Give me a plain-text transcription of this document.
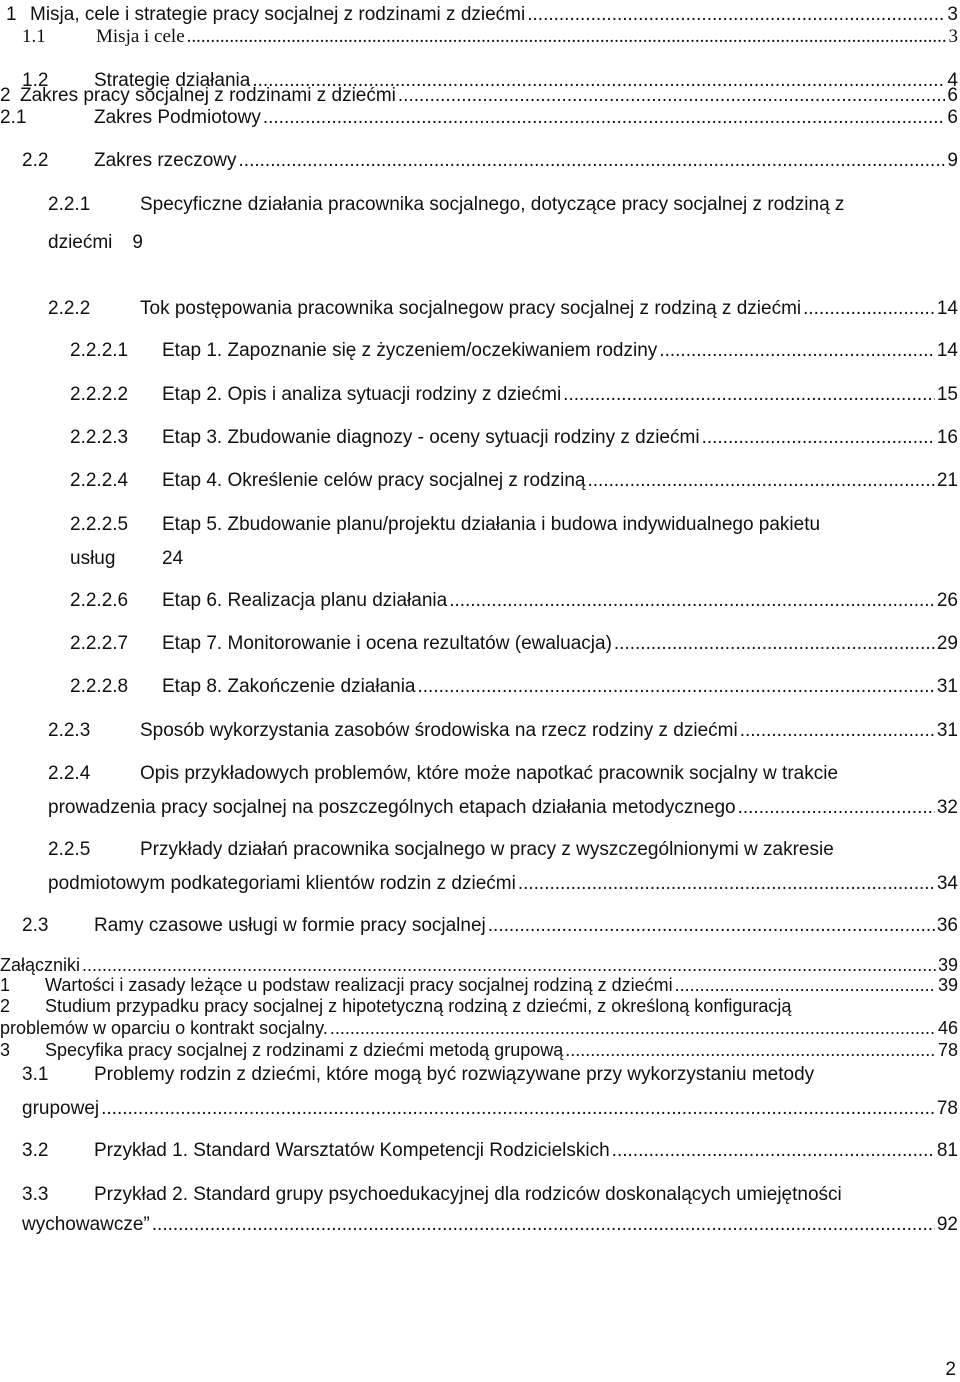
1 Misja, cele i strategie pracy socjalnej z rodzinami z dziećmi .....	3
1.1	Misja i cele .....	3
1.2	Strategie działania .....	4
2 Zakres pracy socjalnej z rodzinami z dziećmi .....	6
2.1	Zakres Podmiotowy .....	6
2.2	Zakres rzeczowy .....	9
2.2.1	Specyficzne działania pracownika socjalnego, dotyczące pracy socjalnej z rodziną z
dziećmi 9
2.2.2	Tok postępowania pracownika socjalnegow pracy socjalnej z rodziną z dziećmi .....	14
2.2.2.1	Etap 1. Zapoznanie się z życzeniem/oczekiwaniem rodziny .....	14
2.2.2.2	Etap 2. Opis i analiza sytuacji rodziny z dziećmi .....	15
2.2.2.3	Etap 3. Zbudowanie diagnozy - oceny sytuacji rodziny z dziećmi .....	16
2.2.2.4	Etap 4. Określenie celów pracy socjalnej z rodziną .....	21
2.2.2.5	Etap 5. Zbudowanie planu/projektu działania i budowa indywidualnego pakietu
usług	24
2.2.2.6	Etap 6. Realizacja planu działania .....	26
2.2.2.7	Etap 7. Monitorowanie i ocena rezultatów (ewaluacja) .....	29
2.2.2.8	Etap 8. Zakończenie działania .....	31
2.2.3	Sposób wykorzystania zasobów środowiska na rzecz rodziny z dziećmi .....	31
2.2.4	Opis przykładowych problemów, które może napotkać pracownik socjalny w trakcie
prowadzenia pracy socjalnej na poszczególnych etapach działania metodycznego .....	32
2.2.5	Przykłady działań pracownika socjalnego w pracy z wyszczególnionymi w zakresie
podmiotowym podkategoriami klientów rodzin z dziećmi .....	34
2.3	Ramy czasowe usługi w formie pracy socjalnej .....	36
Załączniki .....	39
1	Wartości i zasady leżące u podstaw realizacji pracy socjalnej rodziną z dziećmi .....	39
2	Studium przypadku pracy socjalnej z hipotetyczną rodziną z dziećmi, z określoną konfiguracją
problemów w oparciu o kontrakt socjalny. .....	46
3	Specyfika pracy socjalnej z rodzinami z dziećmi metodą grupową .....	78
3.1	Problemy rodzin z dziećmi, które mogą być rozwiązywane przy wykorzystaniu metody
grupowej .....	78
3.2	Przykład 1. Standard Warsztatów Kompetencji Rodzicielskich .....	81
3.3	Przykład 2. Standard grupy psychoedukacyjnej dla rodziców doskonalących umiejętności
wychowawcze” .....	92
2
